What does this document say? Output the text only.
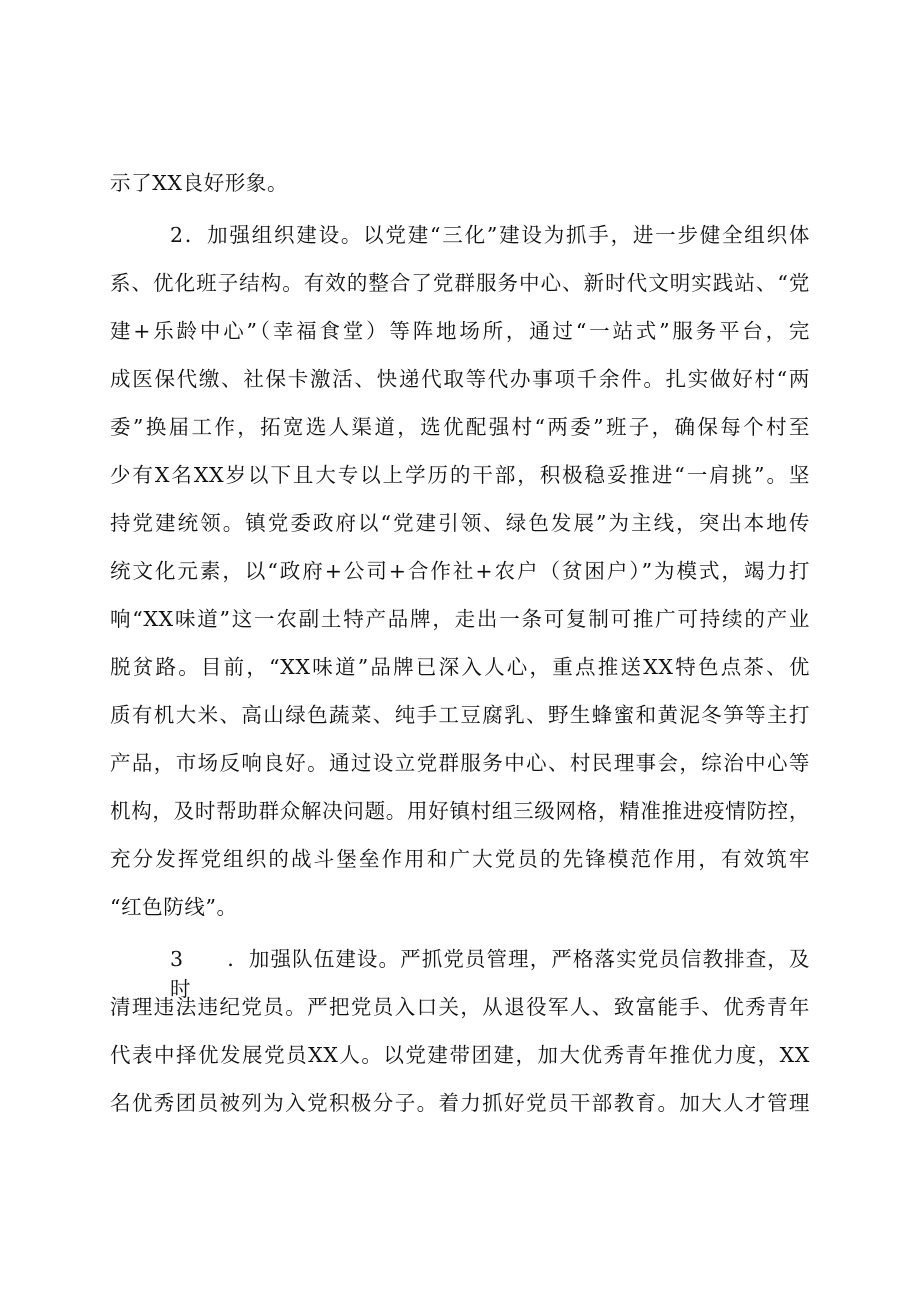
示了XX良好形象。
2．加强组织建设。以党建“三化”建设为抓手，进一步健全组织体
系、优化班子结构。有效的整合了党群服务中心、新时代文明实践站、“党
建+乐龄中心”（幸福食堂）等阵地场所，通过“一站式”服务平台，完
成医保代缴、社保卡激活、快递代取等代办事项千余件。扎实做好村“两
委”换届工作，拓宽选人渠道，选优配强村“两委”班子，确保每个村至
少有X名XX岁以下且大专以上学历的干部，积极稳妥推进“一肩挑”。坚
持党建统领。镇党委政府以“党建引领、绿色发展”为主线，突出本地传
统文化元素，以“政府+公司+合作社+农户（贫困户）”为模式，竭力打
响“XX味道”这一农副土特产品牌，走出一条可复制可推广可持续的产业
脱贫路。目前，“XX味道”品牌已深入人心，重点推送XX特色点茶、优
质有机大米、高山绿色蔬菜、纯手工豆腐乳、野生蜂蜜和黄泥冬笋等主打
产品，市场反响良好。通过设立党群服务中心、村民理事会，综治中心等
机构，及时帮助群众解决问题。用好镇村组三级网格，精准推进疫情防控，
充分发挥党组织的战斗堡垒作用和广大党员的先锋模范作用，有效筑牢
“红色防线”。
3　　．加强队伍建设。严抓党员管理，严格落实党员信教排查，及时
清理违法违纪党员。严把党员入口关，从退役军人、致富能手、优秀青年
代表中择优发展党员XX人。以党建带团建，加大优秀青年推优力度，XX
名优秀团员被列为入党积极分子。着力抓好党员干部教育。加大人才管理
